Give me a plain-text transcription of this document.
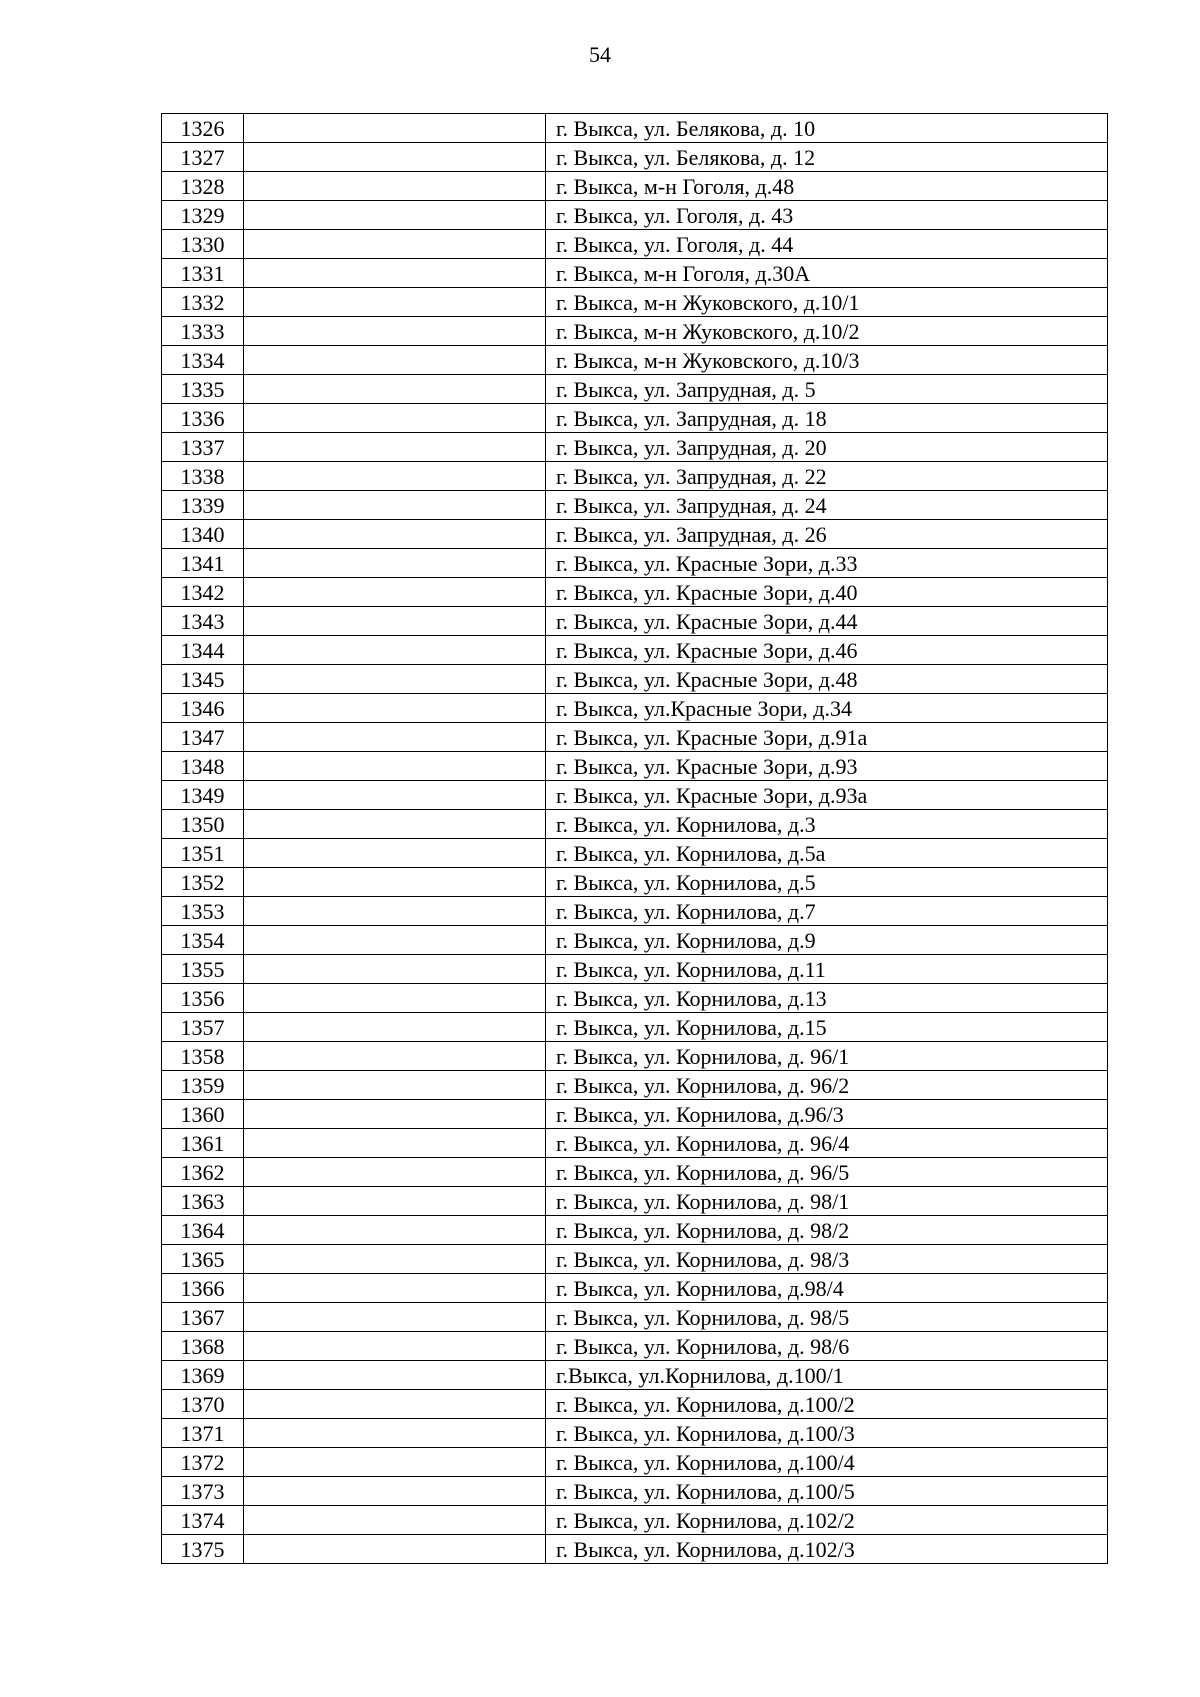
54
1326		г. Выкса, ул. Белякова, д. 10
1327		г. Выкса, ул. Белякова, д. 12
1328		г. Выкса, м-н Гоголя, д.48
1329		г. Выкса, ул. Гоголя, д. 43
1330		г. Выкса, ул. Гоголя, д. 44
1331		г. Выкса, м-н Гоголя, д.30А
1332		г. Выкса, м-н Жуковского, д.10/1
1333		г. Выкса, м-н Жуковского, д.10/2
1334		г. Выкса, м-н Жуковского, д.10/3
1335		г. Выкса, ул. Запрудная, д. 5
1336		г. Выкса, ул. Запрудная, д. 18
1337		г. Выкса, ул. Запрудная, д. 20
1338		г. Выкса, ул. Запрудная, д. 22
1339		г. Выкса, ул. Запрудная, д. 24
1340		г. Выкса, ул. Запрудная, д. 26
1341		г. Выкса, ул. Красные Зори, д.33
1342		г. Выкса, ул. Красные Зори, д.40
1343		г. Выкса, ул. Красные Зори, д.44
1344		г. Выкса, ул. Красные Зори, д.46
1345		г. Выкса, ул. Красные Зори, д.48
1346		г. Выкса, ул.Красные Зори, д.34
1347		г. Выкса, ул. Красные Зори, д.91а
1348		г. Выкса, ул. Красные Зори, д.93
1349		г. Выкса, ул. Красные Зори, д.93а
1350		г. Выкса, ул. Корнилова, д.3
1351		г. Выкса, ул. Корнилова, д.5а
1352		г. Выкса, ул. Корнилова, д.5
1353		г. Выкса, ул. Корнилова, д.7
1354		г. Выкса, ул. Корнилова, д.9
1355		г. Выкса, ул. Корнилова, д.11
1356		г. Выкса, ул. Корнилова, д.13
1357		г. Выкса, ул. Корнилова, д.15
1358		г. Выкса, ул. Корнилова, д. 96/1
1359		г. Выкса, ул. Корнилова, д. 96/2
1360		г. Выкса, ул. Корнилова, д.96/3
1361		г. Выкса, ул. Корнилова, д. 96/4
1362		г. Выкса, ул. Корнилова, д. 96/5
1363		г. Выкса, ул. Корнилова, д. 98/1
1364		г. Выкса, ул. Корнилова, д. 98/2
1365		г. Выкса, ул. Корнилова, д. 98/3
1366		г. Выкса, ул. Корнилова, д.98/4
1367		г. Выкса, ул. Корнилова, д. 98/5
1368		г. Выкса, ул. Корнилова, д. 98/6
1369		г.Выкса, ул.Корнилова, д.100/1
1370		г. Выкса, ул. Корнилова, д.100/2
1371		г. Выкса, ул. Корнилова, д.100/3
1372		г. Выкса, ул. Корнилова, д.100/4
1373		г. Выкса, ул. Корнилова, д.100/5
1374		г. Выкса, ул. Корнилова, д.102/2
1375		г. Выкса, ул. Корнилова, д.102/3
